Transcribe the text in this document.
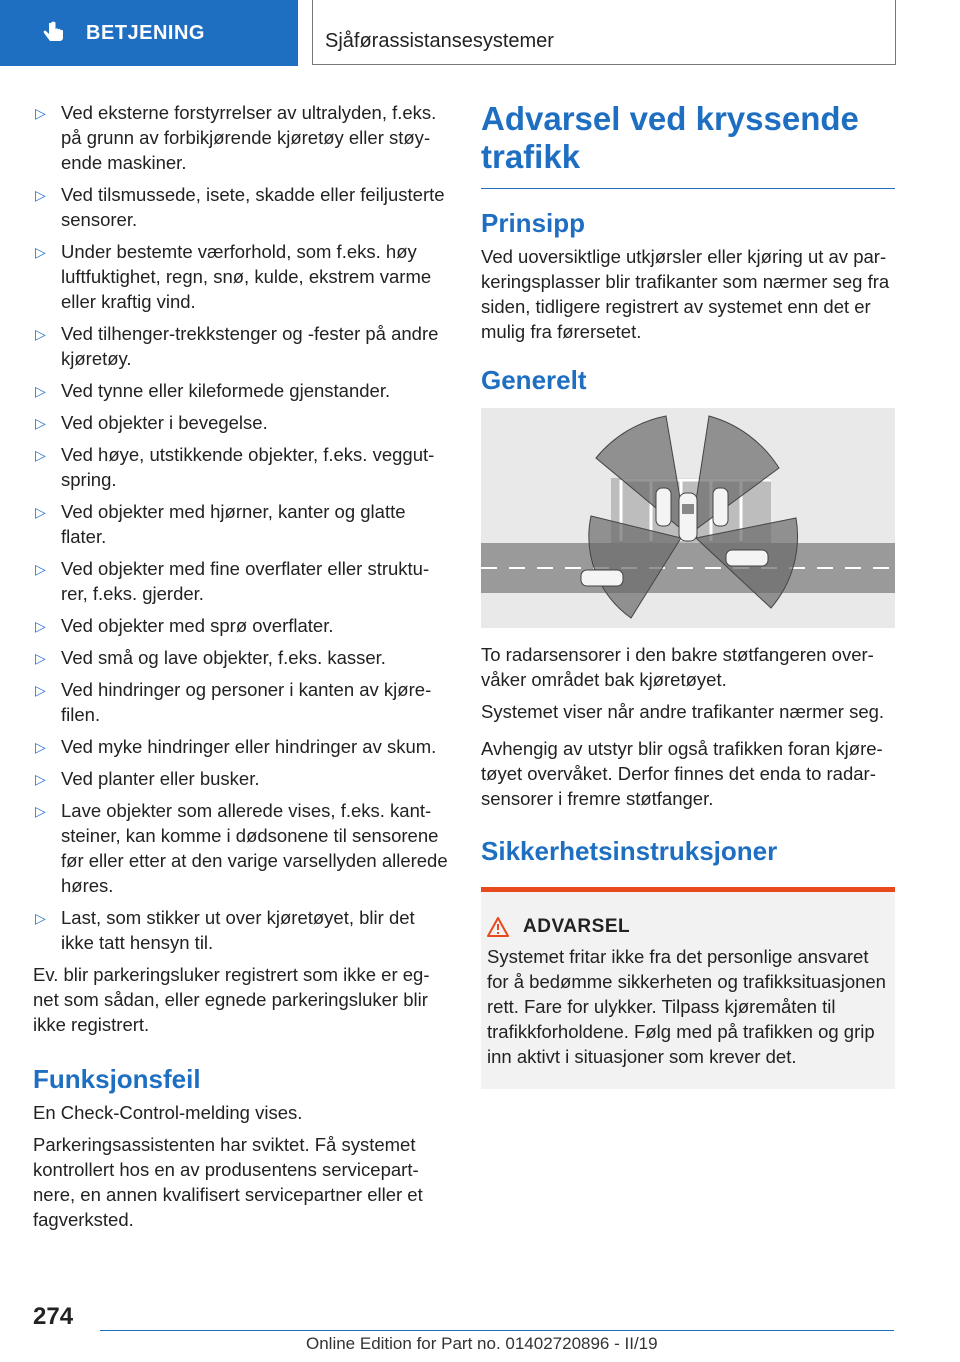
BETJENING	Sjåførassistansesystemer
▷ Ved eksterne forstyrrelser av ultralyden, f.eks. på grunn av forbikjørende kjøretøy eller støyende maskiner.
▷ Ved tilsmussede, isete, skadde eller feiljusterte sensorer.
▷ Under bestemte værforhold, som f.eks. høy luftfuktighet, regn, snø, kulde, ekstrem varme eller kraftig vind.
▷ Ved tilhenger-trekkstenger og -fester på andre kjøretøy.
▷ Ved tynne eller kileformede gjenstander.
▷ Ved objekter i bevegelse.
▷ Ved høye, utstikkende objekter, f.eks. veggutspring.
▷ Ved objekter med hjørner, kanter og glatte flater.
▷ Ved objekter med fine overflater eller strukturer, f.eks. gjerder.
▷ Ved objekter med sprø overflater.
▷ Ved små og lave objekter, f.eks. kasser.
▷ Ved hindringer og personer i kanten av kjørefilen.
▷ Ved myke hindringer eller hindringer av skum.
▷ Ved planter eller busker.
▷ Lave objekter som allerede vises, f.eks. kantsteiner, kan komme i dødsonene til sensorene før eller etter at den varige varsellyden allerede høres.
▷ Last, som stikker ut over kjøretøyet, blir det ikke tatt hensyn til.

Ev. blir parkeringsluker registrert som ikke er egnet som sådan, eller egnede parkeringsluker blir ikke registrert.

Funksjonsfeil

En Check-Control-melding vises.

Parkeringsassistenten har sviktet. Få systemet kontrollert hos en av produsentens servicepartnere, en annen kvalifisert servicepartner eller et fagverksted.

Advarsel ved kryssende trafikk
Prinsipp

Ved uoversiktlige utkjørsler eller kjøring ut av parkeringsplasser blir trafikanter som nærmer seg fra siden, tidligere registrert av systemet enn det er mulig fra førersetet.

Generelt

To radarsensorer i den bakre støtfangeren overvåker området bak kjøretøyet.

Systemet viser når andre trafikanter nærmer seg.

Avhengig av utstyr blir også trafikken foran kjøretøyet overvåket. Derfor finnes det enda to radarsensorer i fremre støtfanger.

Sikkerhetsinstruksjoner
ADVARSEL

Systemet fritar ikke fra det personlige ansvaret for å bedømme sikkerheten og trafikksituasjonen rett. Fare for ulykker. Tilpass kjøremåten til trafikkforholdene. Følg med på trafikken og grip inn aktivt i situasjoner som krever det.

274
Online Edition for Part no. 01402720896 - II/19
